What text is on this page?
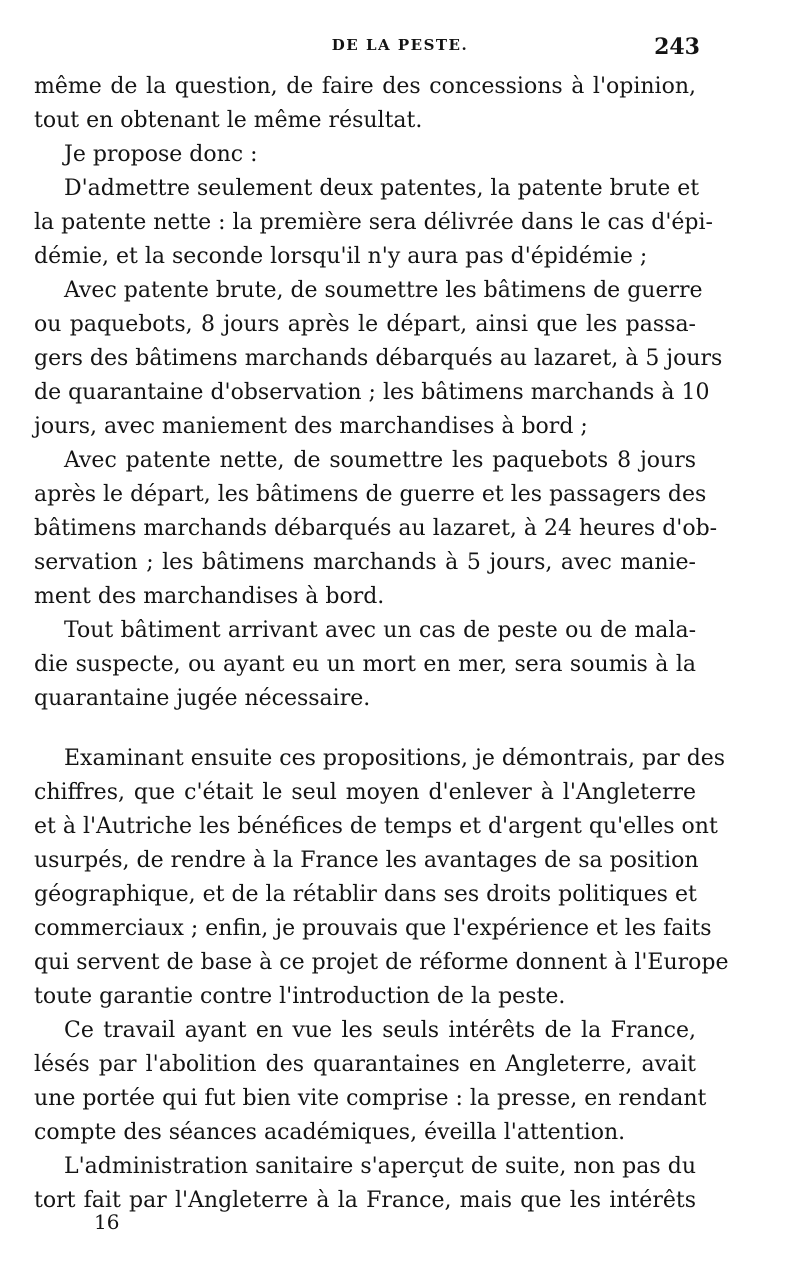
DE LA PESTE.	243
même de la question, de faire des concessions à l'opinion,
tout en obtenant le même résultat.
Je propose donc :
D'admettre seulement deux patentes, la patente brute et
la patente nette : la première sera délivrée dans le cas d'épi-
démie, et la seconde lorsqu'il n'y aura pas d'épidémie ;
Avec patente brute, de soumettre les bâtimens de guerre
ou paquebots, 8 jours après le départ, ainsi que les passa-
gers des bâtimens marchands débarqués au lazaret, à 5 jours
de quarantaine d'observation ; les bâtimens marchands à 10
jours, avec maniement des marchandises à bord ;
Avec patente nette, de soumettre les paquebots 8 jours
après le départ, les bâtimens de guerre et les passagers des
bâtimens marchands débarqués au lazaret, à 24 heures d'ob-
servation ; les bâtimens marchands à 5 jours, avec manie-
ment des marchandises à bord.
Tout bâtiment arrivant avec un cas de peste ou de mala-
die suspecte, ou ayant eu un mort en mer, sera soumis à la
quarantaine jugée nécessaire.
Examinant ensuite ces propositions, je démontrais, par des
chiffres, que c'était le seul moyen d'enlever à l'Angleterre
et à l'Autriche les bénéfices de temps et d'argent qu'elles ont
usurpés, de rendre à la France les avantages de sa position
géographique, et de la rétablir dans ses droits politiques et
commerciaux ; enfin, je prouvais que l'expérience et les faits
qui servent de base à ce projet de réforme donnent à l'Europe
toute garantie contre l'introduction de la peste.
Ce travail ayant en vue les seuls intérêts de la France,
lésés par l'abolition des quarantaines en Angleterre, avait
une portée qui fut bien vite comprise : la presse, en rendant
compte des séances académiques, éveilla l'attention.
L'administration sanitaire s'aperçut de suite, non pas du
tort fait par l'Angleterre à la France, mais que les intérêts
16
